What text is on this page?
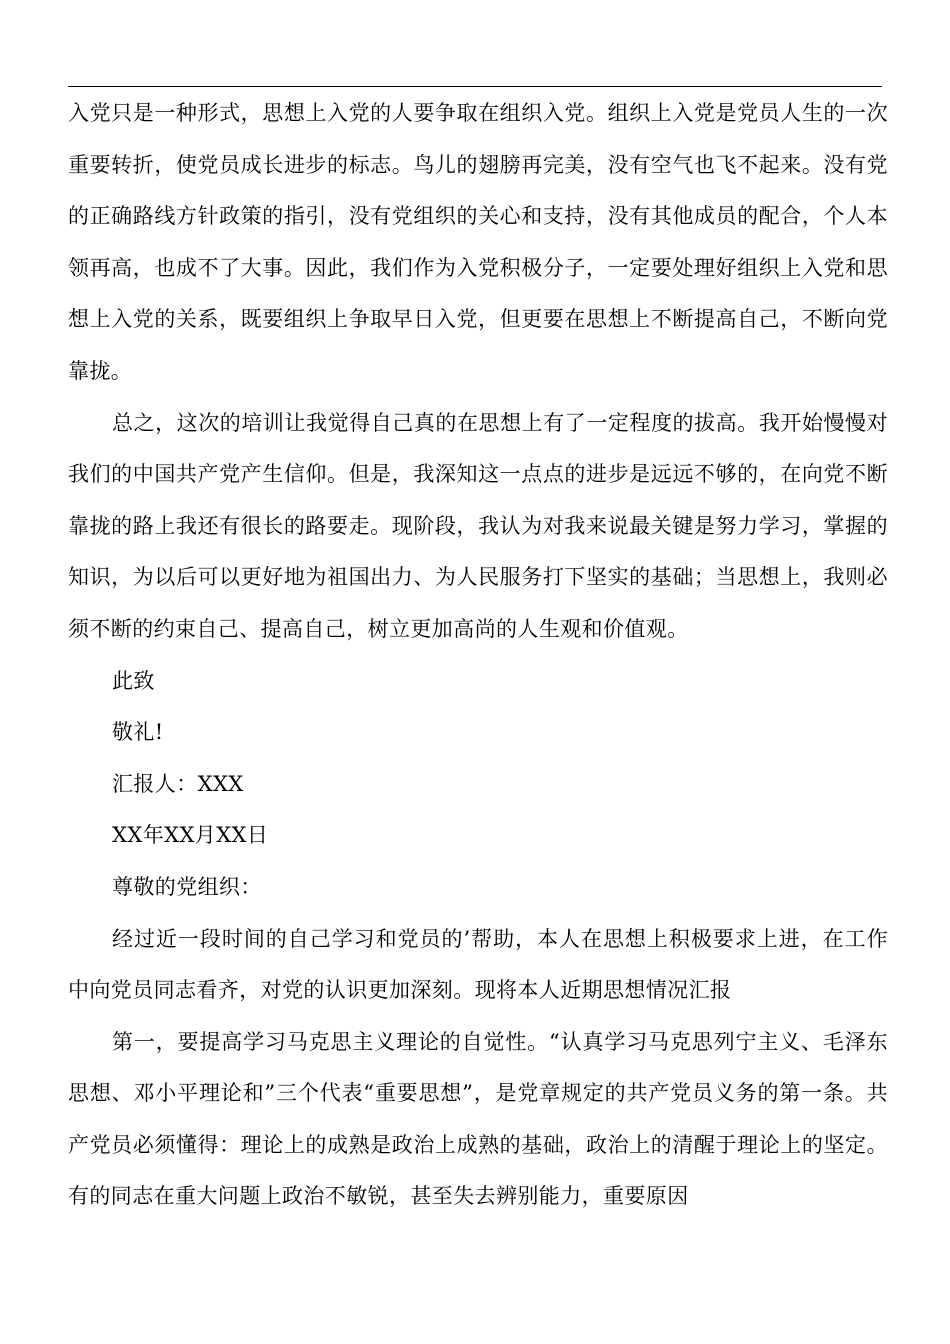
入党只是一种形式，思想上入党的人要争取在组织入党。组织上入党是党员人生的一次重要转折，使党员成长进步的标志。鸟儿的翅膀再完美，没有空气也飞不起来。没有党的正确路线方针政策的指引，没有党组织的关心和支持，没有其他成员的配合，个人本领再高，也成不了大事。因此，我们作为入党积极分子，一定要处理好组织上入党和思想上入党的关系，既要组织上争取早日入党，但更要在思想上不断提高自己，不断向党靠拢。

总之，这次的培训让我觉得自己真的在思想上有了一定程度的拔高。我开始慢慢对我们的中国共产党产生信仰。但是，我深知这一点点的进步是远远不够的，在向党不断靠拢的路上我还有很长的路要走。现阶段，我认为对我来说最关键是努力学习，掌握的知识，为以后可以更好地为祖国出力、为人民服务打下坚实的基础；当思想上，我则必须不断的约束自己、提高自己，树立更加高尚的人生观和价值观。

此致

敬礼!

汇报人：XXX

XX年XX月XX日

尊敬的党组织：

经过近一段时间的自己学习和党员的’帮助，本人在思想上积极要求上进，在工作中向党员同志看齐，对党的认识更加深刻。现将本人近期思想情况汇报

第一，要提高学习马克思主义理论的自觉性。“认真学习马克思列宁主义、毛泽东思想、邓小平理论和”三个代表“重要思想”，是党章规定的共产党员义务的第一条。共产党员必须懂得：理论上的成熟是政治上成熟的基础，政治上的清醒于理论上的坚定。有的同志在重大问题上政治不敏锐，甚至失去辨别能力，重要原因
